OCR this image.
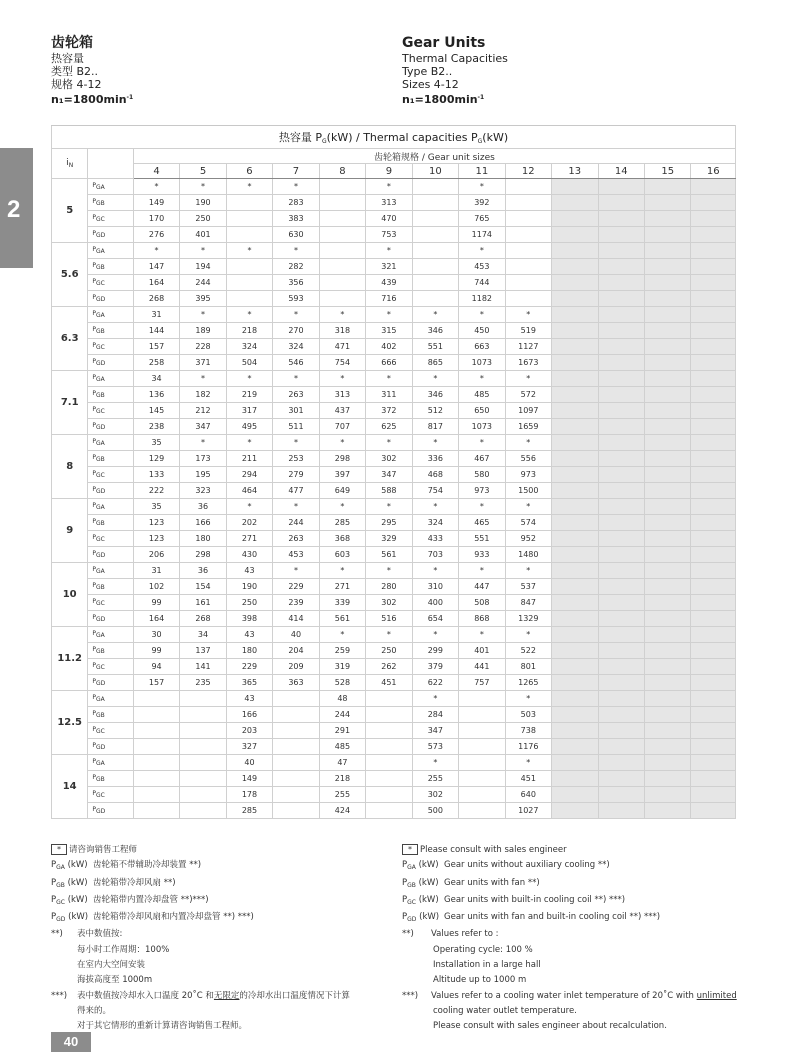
齿轮箱
热容量
类型 B2..
规格 4-12
$n_1=1800\min^{-1}$
Gear Units
Thermal Capacities
Type B2..
Sizes 4-12
$n_1=1800\min^{-1}$
2
热容量 $P_G(kW)$ / Thermal capacities $P_G(kW)$														
$i_N$		齿轮箱规格 / Gear unit sizes												
		4	5	6	7	8	9	10	11	12	13	14	15	16
5	$P_{GA}$	*	*	*	*		*		*					
	$P_{GB}$	149	190		283		313		392					
	$P_{GC}$	170	250		383		470		765					
	$P_{GD}$	276	401		630		753		1174					
5.6	$P_{GA}$	*	*	*	*		*		*					
	$P_{GB}$	147	194		282		321		453					
	$P_{GC}$	164	244		356		439		744					
	$P_{GD}$	268	395		593		716		1182					
6.3	$P_{GA}$	31	*	*	*	*	*	*	*	*				
	$P_{GB}$	144	189	218	270	318	315	346	450	519				
	$P_{GC}$	157	228	324	324	471	402	551	663	1127				
	$P_{GD}$	258	371	504	546	754	666	865	1073	1673				
7.1	$P_{GA}$	34	*	*	*	*	*	*	*	*				
	$P_{GB}$	136	182	219	263	313	311	346	485	572				
	$P_{GC}$	145	212	317	301	437	372	512	650	1097				
	$P_{GD}$	238	347	495	511	707	625	817	1073	1659				
8	$P_{GA}$	35	*	*	*	*	*	*	*	*				
	$P_{GB}$	129	173	211	253	298	302	336	467	556				
	$P_{GC}$	133	195	294	279	397	347	468	580	973				
	$P_{GD}$	222	323	464	477	649	588	754	973	1500				
9	$P_{GA}$	35	36	*	*	*	*	*	*	*				
	$P_{GB}$	123	166	202	244	285	295	324	465	574				
	$P_{GC}$	123	180	271	263	368	329	433	551	952				
	$P_{GD}$	206	298	430	453	603	561	703	933	1480				
10	$P_{GA}$	31	36	43	*	*	*	*	*	*				
	$P_{GB}$	102	154	190	229	271	280	310	447	537				
	$P_{GC}$	99	161	250	239	339	302	400	508	847				
	$P_{GD}$	164	268	398	414	561	516	654	868	1329				
11.2	$P_{GA}$	30	34	43	40	*	*	*	*	*				
	$P_{GB}$	99	137	180	204	259	250	299	401	522				
	$P_{GC}$	94	141	229	209	319	262	379	441	801				
	$P_{GD}$	157	235	365	363	528	451	622	757	1265				
12.5	$P_{GA}$			43		48		*		*				
	$P_{GB}$			166		244		284		503				
	$P_{GC}$			203		291		347		738				
	$P_{GD}$			327		485		573		1176				
14	$P_{GA}$			40		47		*		*				
	$P_{GB}$			149		218		255		451				
	$P_{GC}$			178		255		302		640				
	$P_{GD}$			285		424		500		1027				
* 请咨询销售工程师
$P_{GA}$ (kW) 齿轮箱不带辅助冷却装置 **)
$P_{GB}$ (kW) 齿轮箱带冷却风扇 **)
$P_{GC}$ (kW) 齿轮箱带内置冷却盘管 **)***)
$P_{GD}$ (kW) 齿轮箱带冷却风扇和内置冷却盘管 **) ***)
**) 表中数值按:
每小时工作周期：100%
在室内大空间安装
海拔高度至 1000m
***) 表中数值按冷却水入口温度 20˚C 和无限定的冷却水出口温度情况下计算
得来的。
对于其它情形的重新计算请咨询销售工程师。
* Please consult with sales engineer
$P_{GA}$ (kW) Gear units without auxiliary cooling **)
$P_{GB}$ (kW) Gear units with fan **)
$P_{GC}$ (kW) Gear units with built-in cooling coil **) ***)
$P_{GD}$ (kW) Gear units with fan and built-in cooling coil **) ***)
**) Values refer to :
Operating cycle: 100 %
Installation in a large hall
Altitude up to 1000 m
***) Values refer to a cooling water inlet temperature of 20˚C with unlimited
cooling water outlet temperature.
Please consult with sales engineer about recalculation.
40
